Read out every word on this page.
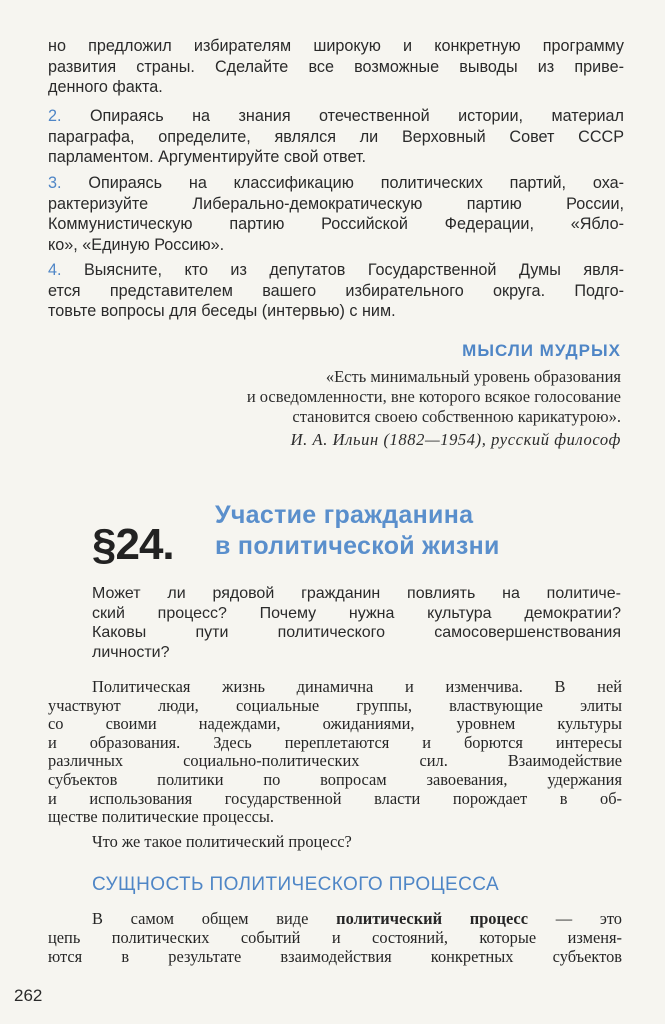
но предложил избирателям широкую и конкретную программу
развития страны. Сделайте все возможные выводы из приве-
денного факта.
2. Опираясь на знания отечественной истории, материал
параграфа, определите, являлся ли Верховный Совет СССР
парламентом. Аргументируйте свой ответ.
3. Опираясь на классификацию политических партий, оха-
рактеризуйте Либерально-демократическую партию России,
Коммунистическую партию Российской Федерации, «Ябло-
ко», «Единую Россию».
4. Выясните, кто из депутатов Государственной Думы явля-
ется представителем вашего избирательного округа. Подго-
товьте вопросы для беседы (интервью) с ним.

МЫСЛИ МУДРЫХ

«Есть минимальный уровень образования
и осведомленности, вне которого всякое голосование
становится своею собственною карикатурою».

И. А. Ильин (1882—1954), русский философ

§24.

Участие гражданина
в политической жизни
Может ли рядовой гражданин повлиять на политиче-
ский процесс? Почему нужна культура демократии?
Каковы пути политического самосовершенствования
личности?
Политическая жизнь динамична и изменчива. В ней
участвуют люди, социальные группы, властвующие элиты
со своими надеждами, ожиданиями, уровнем культуры
и образования. Здесь переплетаются и борются интересы
различных социально-политических сил. Взаимодействие
субъектов политики по вопросам завоевания, удержания
и использования государственной власти порождает в об-
ществе политические процессы.

Что же такое политический процесс?

СУЩНОСТЬ ПОЛИТИЧЕСКОГО ПРОЦЕССА

В самом общем виде политический процесс — это
цепь политических событий и состояний, которые изменя-
ются в результате взаимодействия конкретных субъектов

262
